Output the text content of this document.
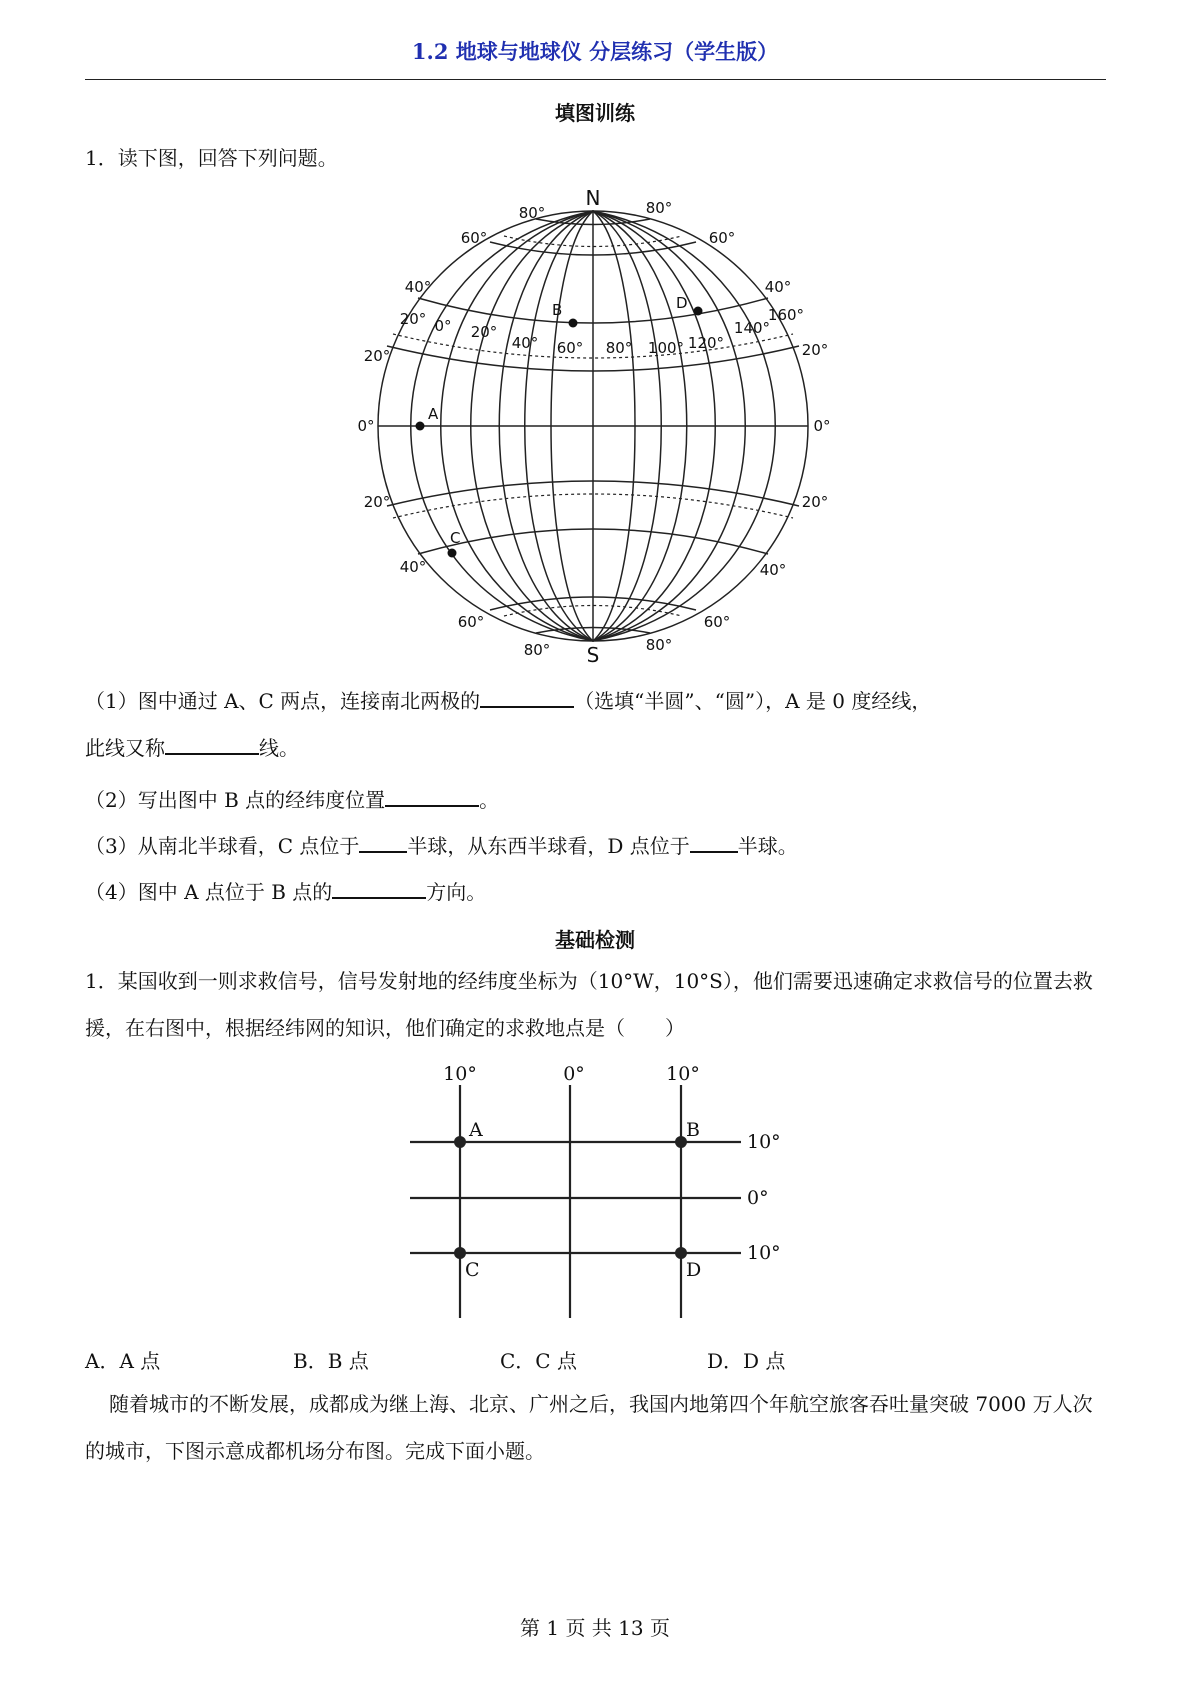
1.2 地球与地球仪 分层练习（学生版）
填图训练
1．读下图，回答下列问题。
N
S
80°	80°
60°	60°
40°	40°
20°	20°
0°	0°
20°	20°
40°	40°
60°	60°
80°	80°
20° 0° 20°
40° 60° 80° 100° 120°
140°
160°
A
B
C
D
（1）图中通过 A、C 两点，连接南北两极的	（选填“半圆”、“圆”），A 是 0 度经线，
此线又称	线。
（2）写出图中 B 点的经纬度位置	。
（3）从南北半球看，C 点位于 半球，从东西半球看，D 点位于 半球。
（4）图中 A 点位于 B 点的	方向。
基础检测
1．某国收到一则求救信号，信号发射地的经纬度坐标为（10°W，10°S），他们需要迅速确定求救信号的位置去救援，在右图中，根据经纬网的知识，他们确定的求救地点是（　　）
10°	0°	10°
10°
0°
10°
A	B
C	D
A．A 点	B．B 点	C．C 点	D．D 点
随着城市的不断发展，成都成为继上海、北京、广州之后，我国内地第四个年航空旅客吞吐量突破 7000 万人次的城市，下图示意成都机场分布图。完成下面小题。
第 1 页 共 13 页
